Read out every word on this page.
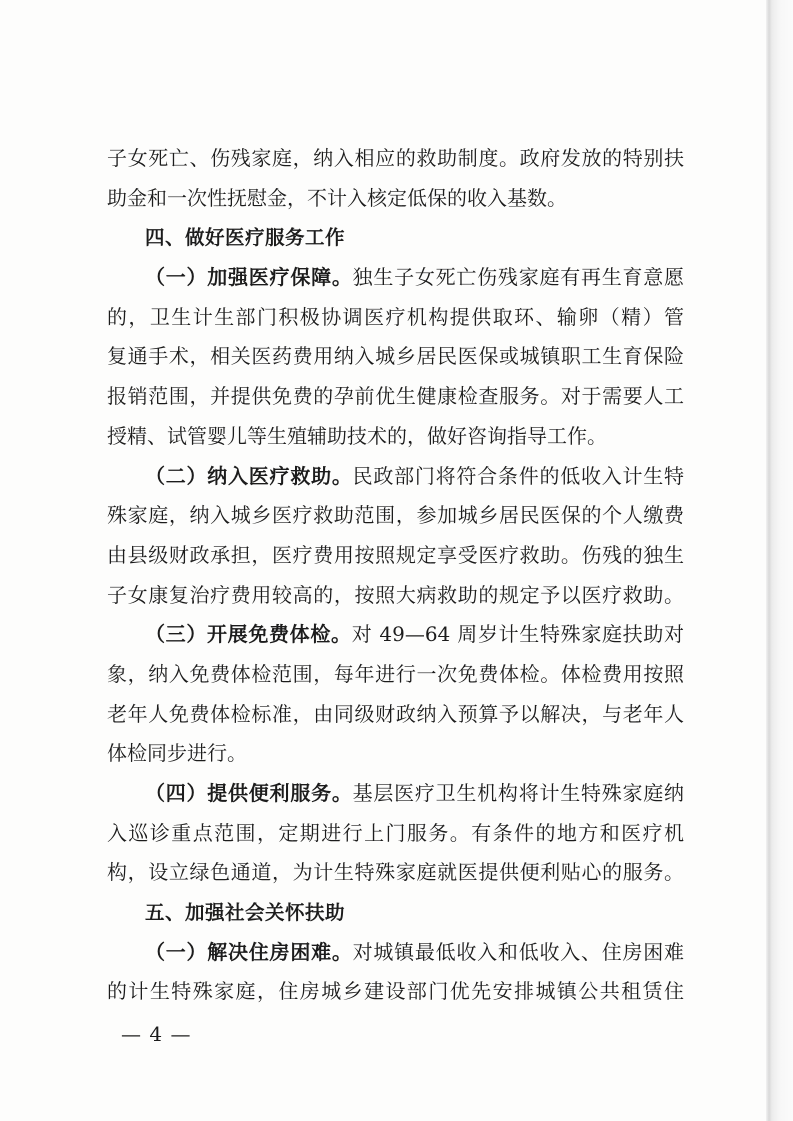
子女死亡、伤残家庭，纳入相应的救助制度。政府发放的特别扶
助金和一次性抚慰金，不计入核定低保的收入基数。
四、做好医疗服务工作
（一）加强医疗保障。独生子女死亡伤残家庭有再生育意愿
的，卫生计生部门积极协调医疗机构提供取环、输卵（精）管
复通手术，相关医药费用纳入城乡居民医保或城镇职工生育保险
报销范围，并提供免费的孕前优生健康检查服务。对于需要人工
授精、试管婴儿等生殖辅助技术的，做好咨询指导工作。
（二）纳入医疗救助。民政部门将符合条件的低收入计生特
殊家庭，纳入城乡医疗救助范围，参加城乡居民医保的个人缴费
由县级财政承担，医疗费用按照规定享受医疗救助。伤残的独生
子女康复治疗费用较高的，按照大病救助的规定予以医疗救助。
（三）开展免费体检。对 49—64 周岁计生特殊家庭扶助对
象，纳入免费体检范围，每年进行一次免费体检。体检费用按照
老年人免费体检标准，由同级财政纳入预算予以解决，与老年人
体检同步进行。
（四）提供便利服务。基层医疗卫生机构将计生特殊家庭纳
入巡诊重点范围，定期进行上门服务。有条件的地方和医疗机
构，设立绿色通道，为计生特殊家庭就医提供便利贴心的服务。
五、加强社会关怀扶助
（一）解决住房困难。对城镇最低收入和低收入、住房困难
的计生特殊家庭，住房城乡建设部门优先安排城镇公共租赁住
— 4 —
